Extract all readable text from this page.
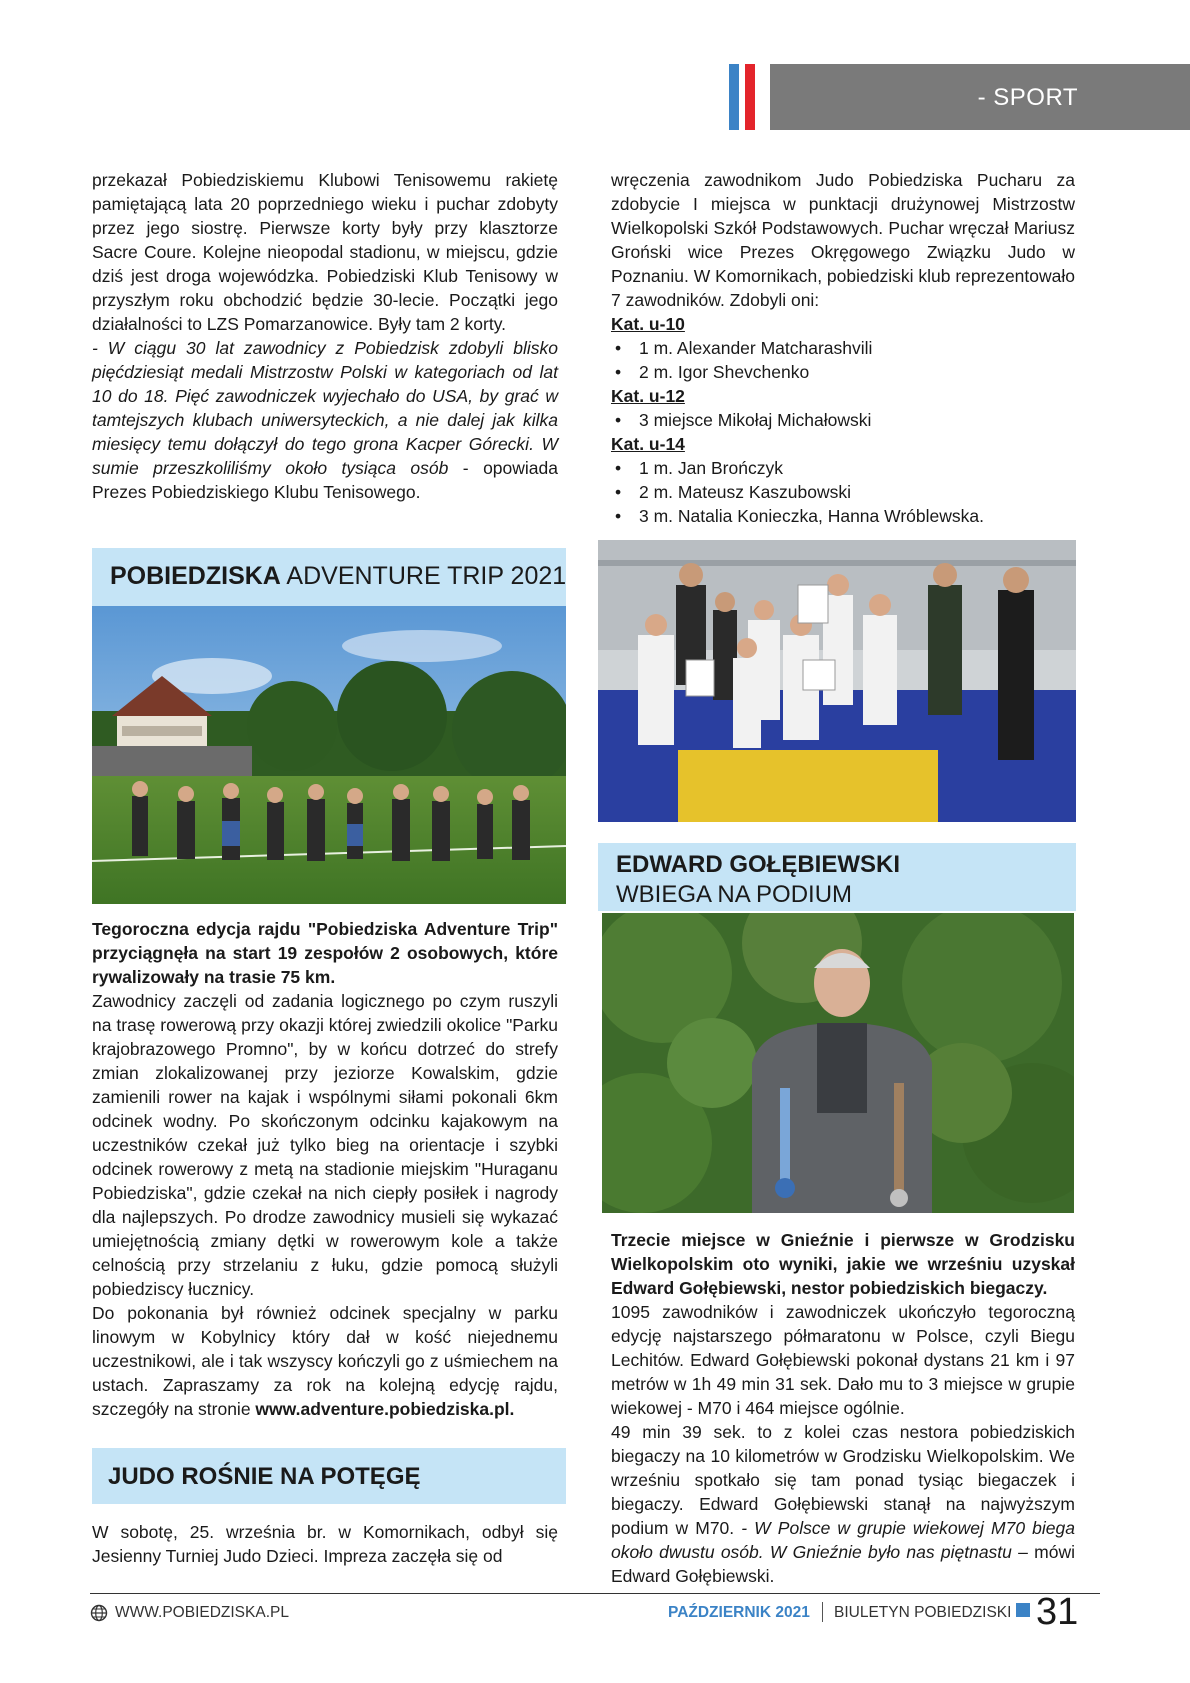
- SPORT

przekazał Pobiedziskiemu Klubowi Tenisowemu rakietę pamiętającą lata 20 poprzedniego wieku i puchar zdobyty przez jego siostrę. Pierwsze korty były przy klasztorze Sacre Coure. Kolejne nieopodal stadionu, w miejscu, gdzie dziś jest droga wojewódzka. Pobiedziski Klub Tenisowy w przyszłym roku obchodzić będzie 30-lecie. Początki jego działalności to LZS Pomarzanowice. Były tam 2 korty.

- W ciągu 30 lat zawodnicy z Pobiedzisk zdobyli blisko pięćdziesiąt medali Mistrzostw Polski w kategoriach od lat 10 do 18. Pięć zawodniczek wyjechało do USA, by grać w tamtejszych klubach uniwersyteckich, a nie dalej jak kilka miesięcy temu dołączył do tego grona Kacper Górecki. W sumie przeszkoliliśmy około tysiąca osób - opowiada Prezes Pobiedziskiego Klubu Tenisowego.

wręczenia zawodnikom Judo Pobiedziska Pucharu za zdobycie I miejsca w punktacji drużynowej Mistrzostw Wielkopolski Szkół Podstawowych. Puchar wręczał Mariusz Groński wice Prezes Okręgowego Związku Judo w Poznaniu. W Komornikach, pobiedziski klub reprezentowało 7 zawodników. Zdobyli oni:

Kat. u-10

• 1 m. Alexander Matcharashvili
• 2 m. Igor Shevchenko

Kat. u-12

• 3 miejsce Mikołaj Michałowski

Kat. u-14

• 1 m. Jan Brończyk
• 2 m. Mateusz Kaszubowski
• 3 m. Natalia Konieczka, Hanna Wróblewska.
POBIEDZISKA ADVENTURE TRIP 2021

Tegoroczna edycja rajdu "Pobiedziska Adventure Trip" przyciągnęła na start 19 zespołów 2 osobowych, które rywalizowały na trasie 75 km.

Zawodnicy zaczęli od zadania logicznego po czym ruszyli na trasę rowerową przy okazji której zwiedzili okolice "Parku krajobrazowego Promno", by w końcu dotrzeć do strefy zmian zlokalizowanej przy jeziorze Kowalskim, gdzie zamienili rower na kajak i wspólnymi siłami pokonali 6km odcinek wodny. Po skończonym odcinku kajakowym na uczestników czekał już tylko bieg na orientacje i szybki odcinek rowerowy z metą na stadionie miejskim "Huraganu Pobiedziska", gdzie czekał na nich ciepły posiłek i nagrody dla najlepszych. Po drodze zawodnicy musieli się wykazać umiejętnością zmiany dętki w rowerowym kole a także celnością przy strzelaniu z łuku, gdzie pomocą służyli pobiedziscy łucznicy.

Do pokonania był również odcinek specjalny w parku linowym w Kobylnicy który dał w kość niejednemu uczestnikowi, ale i tak wszyscy kończyli go z uśmiechem na ustach. Zapraszamy za rok na kolejną edycję rajdu, szczegóły na stronie www.adventure.pobiedziska.pl.

JUDO ROŚNIE NA POTĘGĘ

W sobotę, 25. września br. w Komornikach, odbył się Jesienny Turniej Judo Dzieci. Impreza zaczęła się od

EDWARD GOŁĘBIEWSKI
WBIEGA NA PODIUM

Trzecie miejsce w Gnieźnie i pierwsze w Grodzisku Wielkopolskim oto wyniki, jakie we wrześniu uzyskał Edward Gołębiewski, nestor pobiedziskich biegaczy.

1095 zawodników i zawodniczek ukończyło tegoroczną edycję najstarszego półmaratonu w Polsce, czyli Biegu Lechitów. Edward Gołębiewski pokonał dystans 21 km i 97 metrów w 1h 49 min 31 sek. Dało mu to 3 miejsce w grupie wiekowej - M70 i 464 miejsce ogólnie.

49 min 39 sek. to z kolei czas nestora pobiedziskich biegaczy na 10 kilometrów w Grodzisku Wielkopolskim. We wrześniu spotkało się tam ponad tysiąc biegaczek i biegaczy. Edward Gołębiewski stanął na najwyższym podium w M70. - W Polsce w grupie wiekowej M70 biega około dwustu osób. W Gnieźnie było nas piętnastu – mówi Edward Gołębiewski.

WWW.POBIEDZISKA.PL	PAŹDZIERNIK 2021 BIULETYN POBIEDZISKI 31
